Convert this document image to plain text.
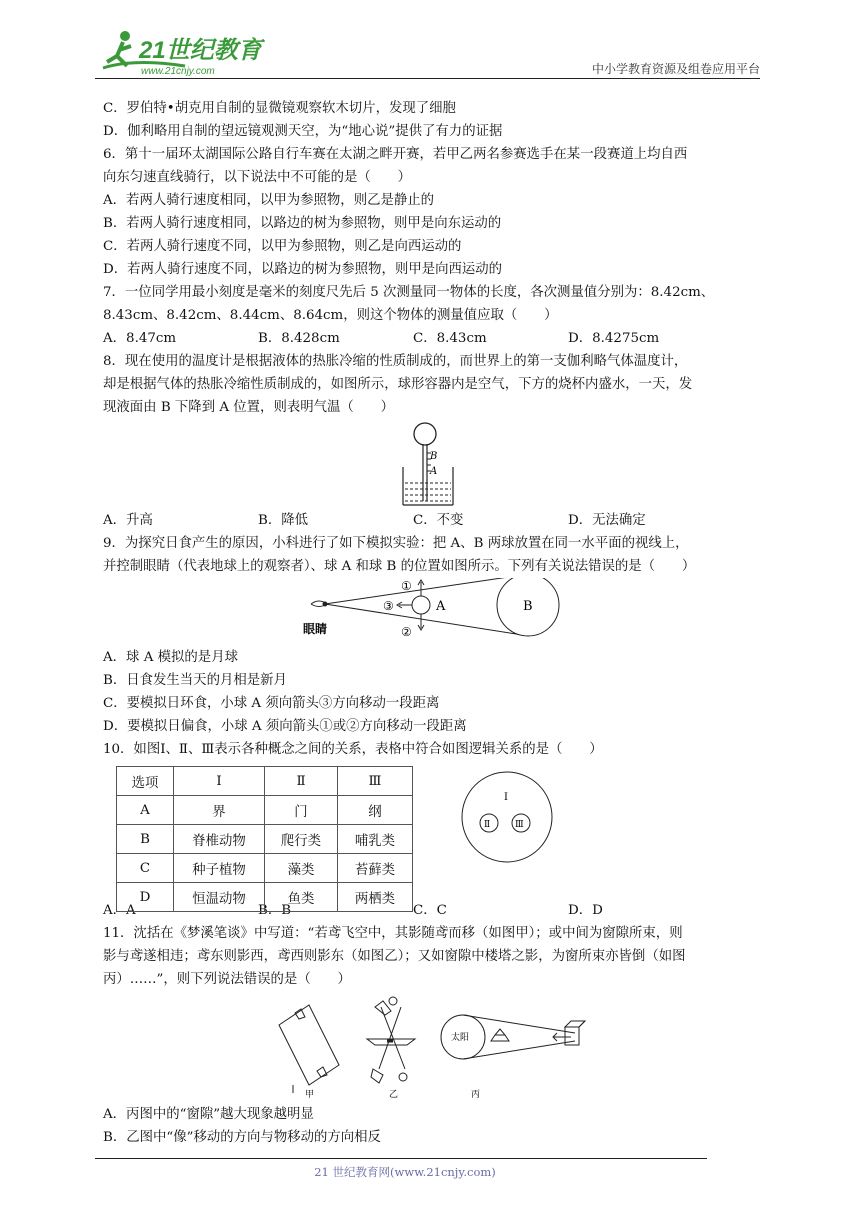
21世纪教育
www.21cnjy.com	中小学教育资源及组卷应用平台
C．罗伯特•胡克用自制的显微镜观察软木切片，发现了细胞
D．伽利略用自制的望远镜观测天空，为“地心说”提供了有力的证据
6．第十一届环太湖国际公路自行车赛在太湖之畔开赛，若甲乙两名参赛选手在某一段赛道上均自西
向东匀速直线骑行，以下说法中不可能的是（　　）
A．若两人骑行速度相同，以甲为参照物，则乙是静止的
B．若两人骑行速度相同，以路边的树为参照物，则甲是向东运动的
C．若两人骑行速度不同，以甲为参照物，则乙是向西运动的
D．若两人骑行速度不同，以路边的树为参照物，则甲是向西运动的
7．一位同学用最小刻度是毫米的刻度尺先后 5 次测量同一物体的长度，各次测量值分别为：8.42cm、
8.43cm、8.42cm、8.44cm、8.64cm，则这个物体的测量值应取（　　）
A．8.47cm	B．8.428cm	C．8.43cm	D．8.4275cm
8．现在使用的温度计是根据液体的热胀冷缩的性质制成的，而世界上的第一支伽利略气体温度计，
却是根据气体的热胀冷缩性质制成的，如图所示，球形容器内是空气，下方的烧杯内盛水，一天，发
现液面由 B 下降到 A 位置，则表明气温（　　）
B
A
A．升高	B．降低	C．不变	D．无法确定
9．为探究日食产生的原因，小科进行了如下模拟实验：把 A、B 两球放置在同一水平面的视线上，
并控制眼睛（代表地球上的观察者）、球 A 和球 B 的位置如图所示。下列有关说法错误的是（　　）
眼睛
A	B
①
②
③
A．球 A 模拟的是月球
B．日食发生当天的月相是新月
C．要模拟日环食，小球 A 须向箭头③方向移动一段距离
D．要模拟日偏食，小球 A 须向箭头①或②方向移动一段距离
10．如图Ⅰ、Ⅱ、Ⅲ表示各种概念之间的关系，表格中符合如图逻辑关系的是（　　）
选项	Ⅰ	Ⅱ	Ⅲ
A	界	门	纲
B	脊椎动物	爬行类	哺乳类
C	种子植物	藻类	苔藓类
D	恒温动物	鱼类	两栖类
Ⅰ
Ⅱ	Ⅲ
A．A	B．B	C．C	D．D
11．沈括在《梦溪笔谈》中写道：“若鸢飞空中，其影随鸢而移（如图甲）；或中间为窗隙所束，则
影与鸢遂相违；鸢东则影西，鸢西则影东（如图乙）；又如窗隙中楼塔之影，为窗所束亦皆倒（如图
丙）……”，则下列说法错误的是（　　）
甲	乙
太阳
丙
A．丙图中的“窗隙”越大现象越明显
B．乙图中“像”移动的方向与物移动的方向相反
21 世纪教育网(www.21cnjy.com)
